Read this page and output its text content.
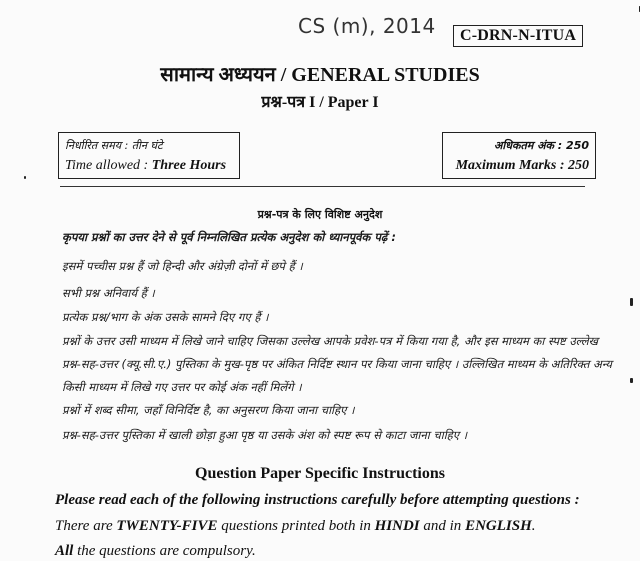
CS (m), 2014	C-DRN-N-ITUA
सामान्य अध्ययन / GENERAL STUDIES
प्रश्न-पत्र I / Paper I
निर्धारित समय : तीन घंटे
Time allowed : Three Hours
अधिकतम अंक : 250
Maximum Marks : 250
प्रश्न-पत्र के लिए विशिष्ट अनुदेश
कृपया प्रश्नों का उत्तर देने से पूर्व निम्नलिखित प्रत्येक अनुदेश को ध्यानपूर्वक पढ़ें :
इसमें पच्चीस प्रश्न हैं जो हिन्दी और अंग्रेज़ी दोनों में छपे हैं ।
सभी प्रश्न अनिवार्य हैं ।
प्रत्येक प्रश्न/भाग के अंक उसके सामने दिए गए हैं ।
प्रश्नों के उत्तर उसी माध्यम में लिखे जाने चाहिए जिसका उल्लेख आपके प्रवेश-पत्र में किया गया है, और इस माध्यम का स्पष्ट उल्लेख प्रश्न-सह-उत्तर (क्यू.सी.ए.) पुस्तिका के मुख-पृष्ठ पर अंकित निर्दिष्ट स्थान पर किया जाना चाहिए । उल्लिखित माध्यम के अतिरिक्त अन्य किसी माध्यम में लिखे गए उत्तर पर कोई अंक नहीं मिलेंगे ।
प्रश्नों में शब्द सीमा, जहाँ विनिर्दिष्ट है, का अनुसरण किया जाना चाहिए ।
प्रश्न-सह-उत्तर पुस्तिका में खाली छोड़ा हुआ पृष्ठ या उसके अंश को स्पष्ट रूप से काटा जाना चाहिए ।
Question Paper Specific Instructions
Please read each of the following instructions carefully before attempting questions :
There are TWENTY-FIVE questions printed both in HINDI and in ENGLISH.
All the questions are compulsory.
